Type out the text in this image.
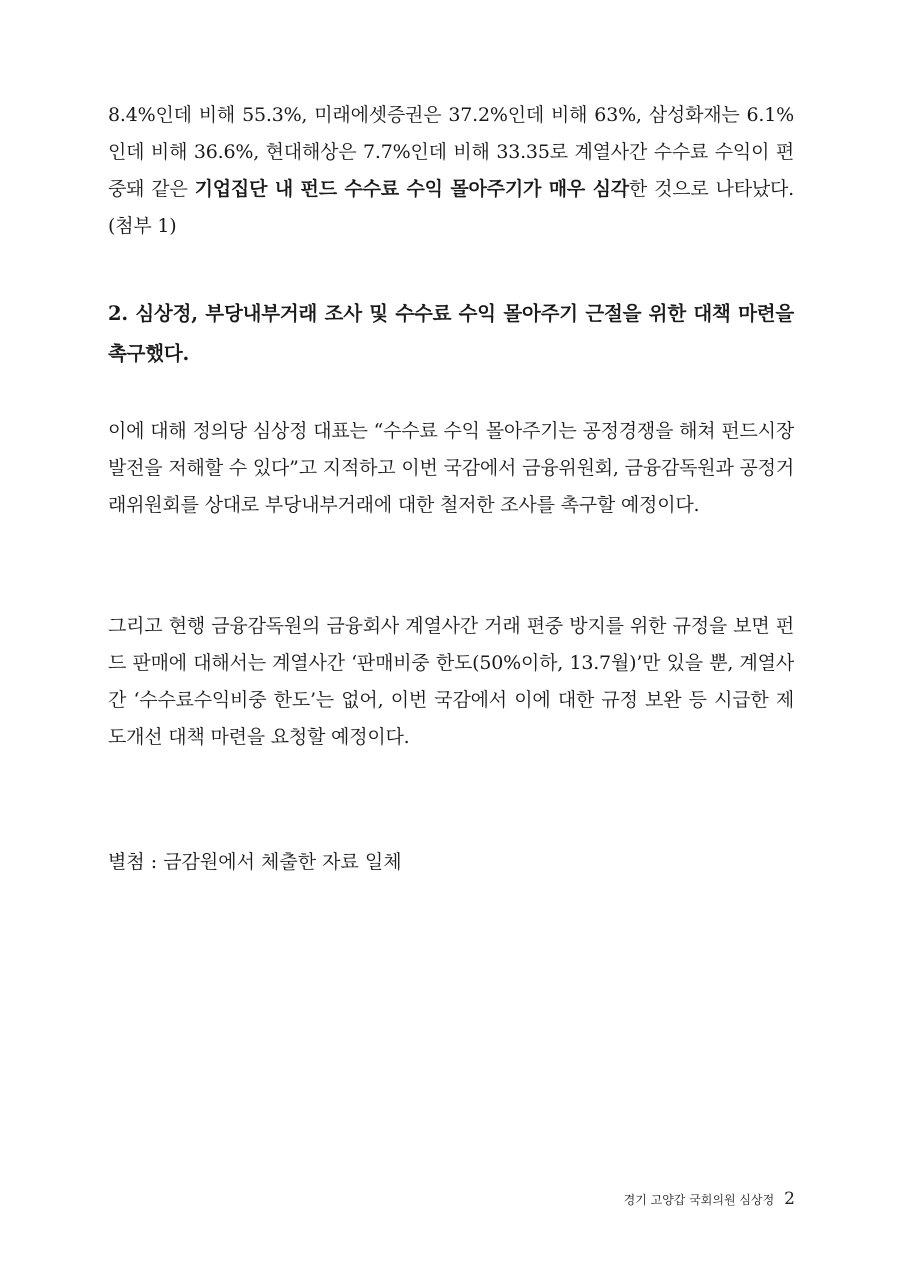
8.4%인데 비해 55.3%, 미래에셋증권은 37.2%인데 비해 63%, 삼성화재는 6.1%인데 비해 36.6%, 현대해상은 7.7%인데 비해 33.35로 계열사간 수수료 수익이 편중돼 같은 기업집단 내 펀드 수수료 수익 몰아주기가 매우 심각한 것으로 나타났다. (첨부 1)

2. 심상정, 부당내부거래 조사 및 수수료 수익 몰아주기 근절을 위한 대책 마련을 촉구했다.

이에 대해 정의당 심상정 대표는 “수수료 수익 몰아주기는 공정경쟁을 해쳐 펀드시장 발전을 저해할 수 있다”고 지적하고 이번 국감에서 금융위원회, 금융감독원과 공정거래위원회를 상대로 부당내부거래에 대한 철저한 조사를 촉구할 예정이다.

그리고 현행 금융감독원의 금융회사 계열사간 거래 편중 방지를 위한 규정을 보면 펀드 판매에 대해서는 계열사간 ‘판매비중 한도(50%이하, 13.7월)’만 있을 뿐, 계열사간 ‘수수료수익비중 한도’는 없어, 이번 국감에서 이에 대한 규정 보완 등 시급한 제도개선 대책 마련을 요청할 예정이다.

별첨 : 금감원에서 체출한 자료 일체

경기 고양갑 국회의원 심상정 2
